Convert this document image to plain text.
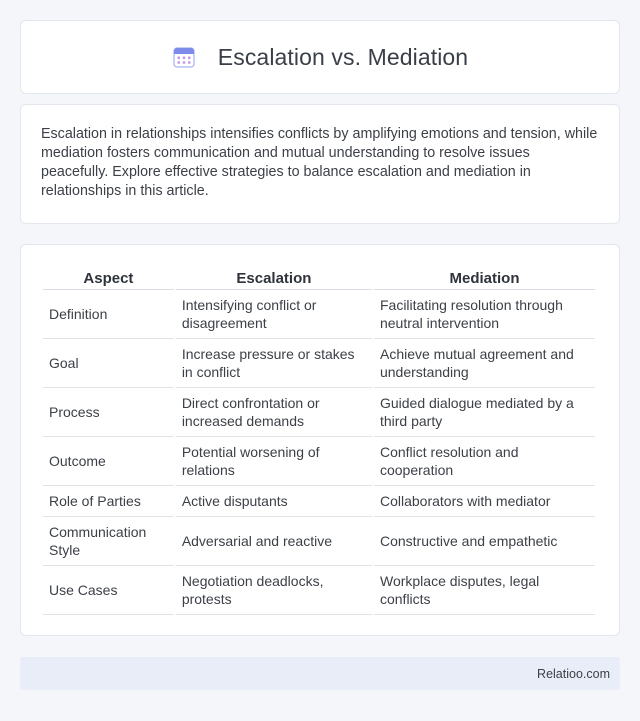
Escalation vs. Mediation

Escalation in relationships intensifies conflicts by amplifying emotions and tension, while mediation fosters communication and mutual understanding to resolve issues peacefully. Explore effective strategies to balance escalation and mediation in relationships in this article.

Aspect	Escalation	Mediation
Definition	Intensifying conflict or disagreement	Facilitating resolution through neutral intervention
Goal	Increase pressure or stakes in conflict	Achieve mutual agreement and understanding
Process	Direct confrontation or increased demands	Guided dialogue mediated by a third party
Outcome	Potential worsening of relations	Conflict resolution and cooperation
Role of Parties	Active disputants	Collaborators with mediator
Communication Style	Adversarial and reactive	Constructive and empathetic
Use Cases	Negotiation deadlocks, protests	Workplace disputes, legal conflicts
Relatioo.com
